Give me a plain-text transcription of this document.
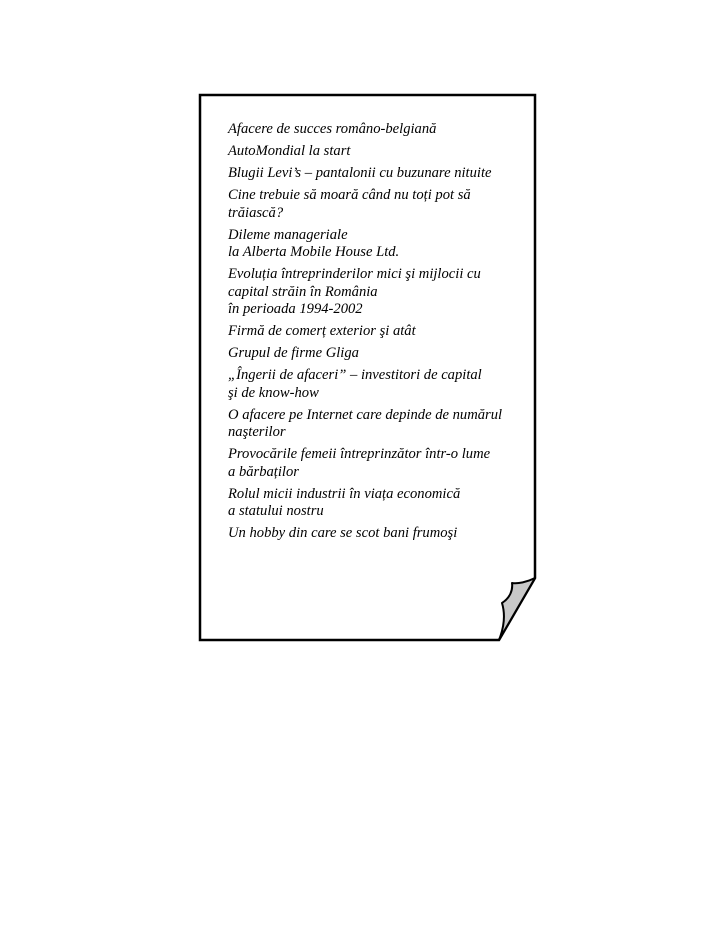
Afacere de succes româno-belgiană
AutoMondial la start
Blugii Levi’s – pantalonii cu buzunare nituite
Cine trebuie să moară când nu toți pot să
trăiască?
Dileme manageriale
la Alberta Mobile House Ltd.
Evoluția întreprinderilor mici şi mijlocii cu
capital străin în România
în perioada 1994-2002
Firmă de comerț exterior şi atât
Grupul de firme Gliga
„Îngerii de afaceri” – investitori de capital
şi de know-how
O afacere pe Internet care depinde de numărul
naşterilor
Provocările femeii întreprinzător într-o lume
a bărbaților
Rolul micii industrii în viața economică
a statului nostru
Un hobby din care se scot bani frumoşi
